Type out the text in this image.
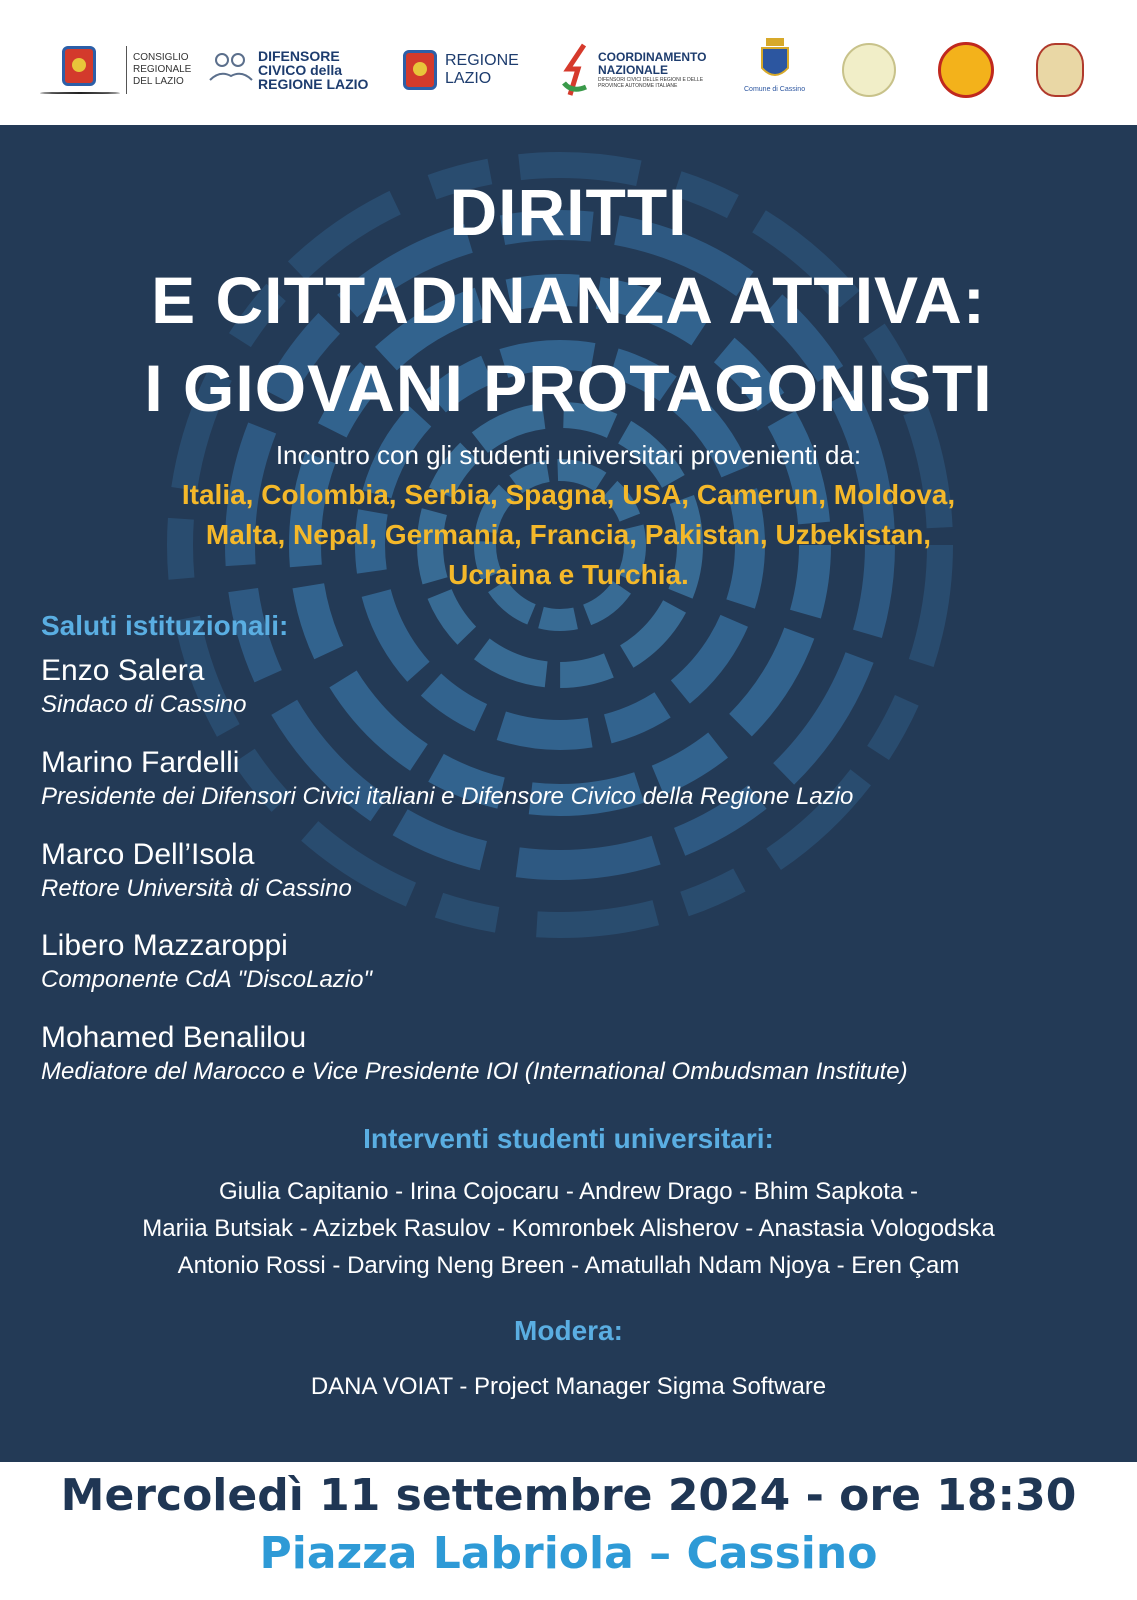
CONSIGLIO REGIONALE DEL LAZIO
DIFENSORE
CIVICO della
REGIONE LAZIO
REGIONE LAZIO
COORDINAMENTO
NAZIONALE
DIFENSORI CIVICI DELLE REGIONI E DELLE PROVINCE AUTONOME ITALIANE	Comune di Cassino
DIRITTI
E CITTADINANZA ATTIVA:
I GIOVANI PROTAGONISTI
Incontro con gli studenti universitari provenienti da:
Italia, Colombia, Serbia, Spagna, USA, Camerun, Moldova,
Malta, Nepal, Germania, Francia, Pakistan, Uzbekistan,
Ucraina e Turchia.
Saluti istituzionali:
Enzo Salera
Sindaco di Cassino
Marino Fardelli
Presidente dei Difensori Civici italiani e Difensore Civico della Regione Lazio
Marco Dell’Isola
Rettore Università di Cassino
Libero Mazzaroppi
Componente CdA "DiscoLazio"
Mohamed Benalilou
Mediatore del Marocco e Vice Presidente IOI (International Ombudsman Institute)
Interventi studenti universitari:
Giulia Capitanio - Irina Cojocaru - Andrew Drago - Bhim Sapkota -
Mariia Butsiak - Azizbek Rasulov - Komronbek Alisherov - Anastasia Vologodska
Antonio Rossi - Darving Neng Breen - Amatullah Ndam Njoya - Eren Çam
Modera:
DANA VOIAT - Project Manager Sigma Software
Mercoledì 11 settembre 2024 - ore 18:30
Piazza Labriola – Cassino
